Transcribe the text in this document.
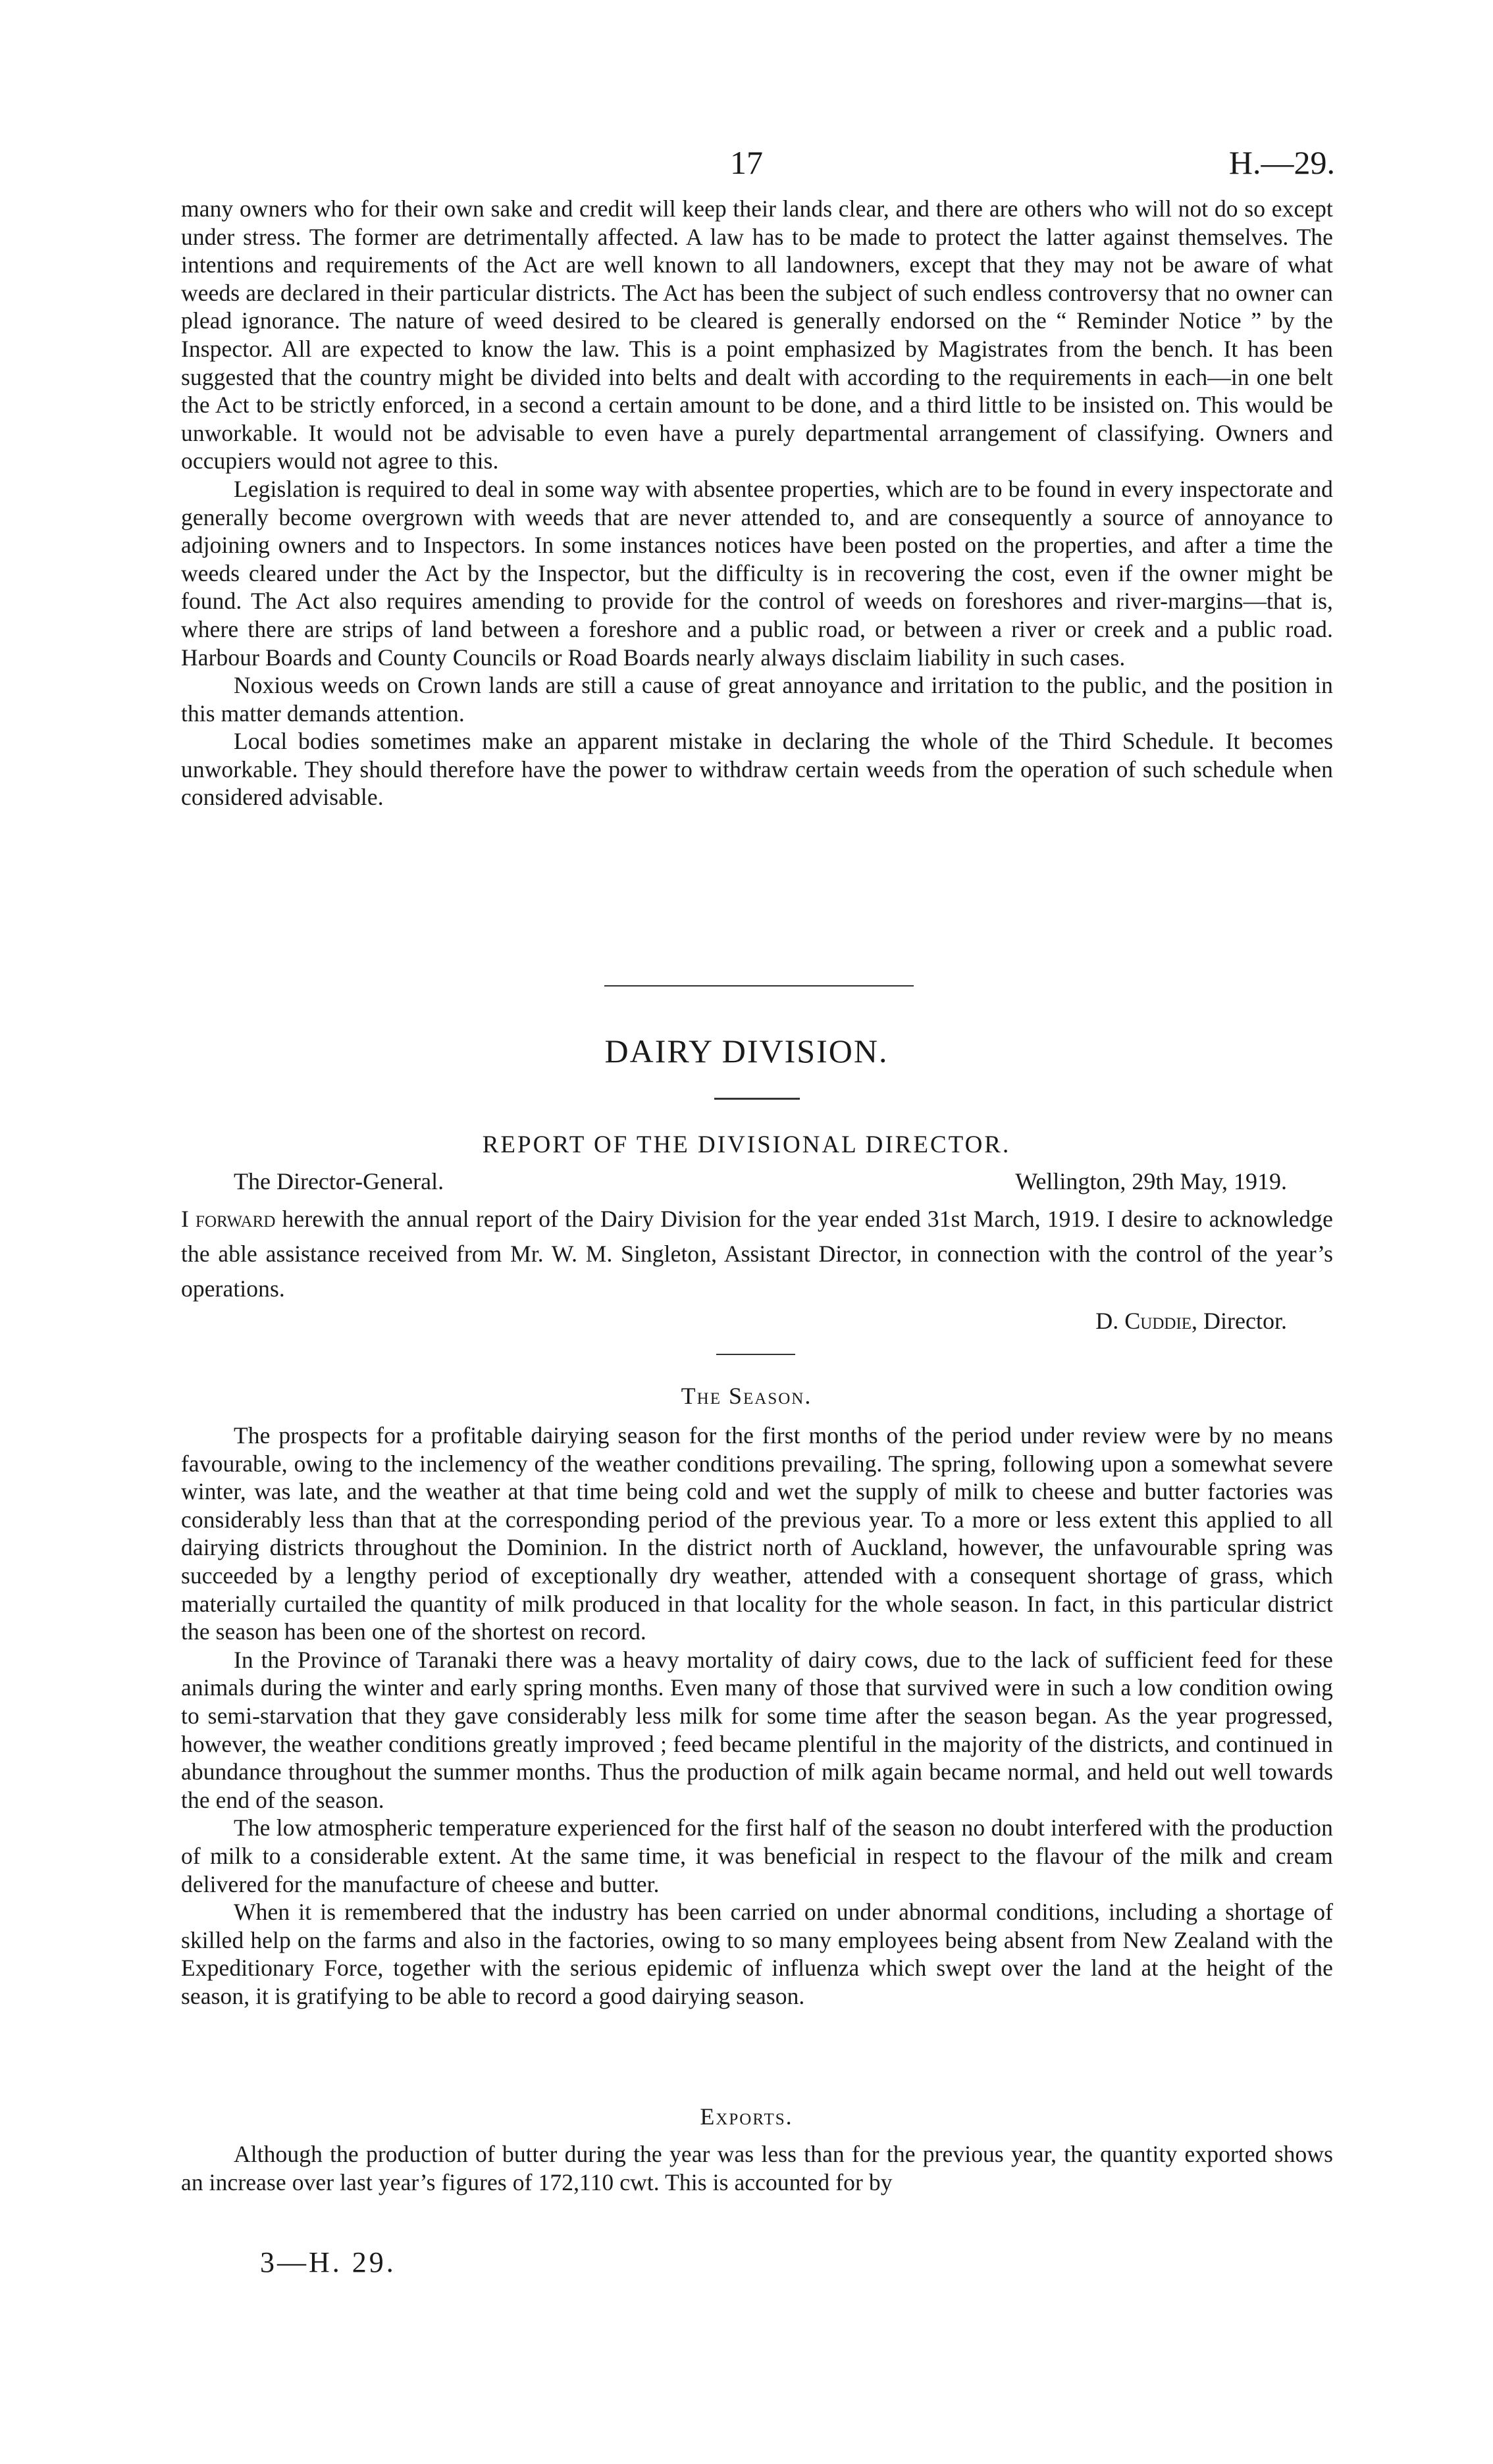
17	H.—29.

many owners who for their own sake and credit will keep their lands clear, and there are others who will not do so except under stress. The former are detrimentally affected. A law has to be made to protect the latter against themselves. The intentions and requirements of the Act are well known to all landowners, except that they may not be aware of what weeds are declared in their particular districts. The Act has been the subject of such endless controversy that no owner can plead ignorance. The nature of weed desired to be cleared is generally endorsed on the “ Reminder Notice ” by the Inspector. All are expected to know the law. This is a point emphasized by Magistrates from the bench. It has been suggested that the country might be divided into belts and dealt with according to the requirements in each—in one belt the Act to be strictly enforced, in a second a certain amount to be done, and a third little to be insisted on. This would be unworkable. It would not be advisable to even have a purely departmental arrangement of classifying. Owners and occupiers would not agree to this.

Legislation is required to deal in some way with absentee properties, which are to be found in every inspectorate and generally become overgrown with weeds that are never attended to, and are consequently a source of annoyance to adjoining owners and to Inspectors. In some instances notices have been posted on the properties, and after a time the weeds cleared under the Act by the Inspector, but the difficulty is in recovering the cost, even if the owner might be found. The Act also requires amending to provide for the control of weeds on foreshores and river-margins—that is, where there are strips of land between a foreshore and a public road, or between a river or creek and a public road. Harbour Boards and County Councils or Road Boards nearly always disclaim liability in such cases.

Noxious weeds on Crown lands are still a cause of great annoyance and irritation to the public, and the position in this matter demands attention.

Local bodies sometimes make an apparent mistake in declaring the whole of the Third Schedule. It becomes unworkable. They should therefore have the power to withdraw certain weeds from the operation of such schedule when considered advisable.

DAIRY DIVISION.
REPORT OF THE DIVISIONAL DIRECTOR.
The Director-General.	Wellington, 29th May, 1919.

I forward herewith the annual report of the Dairy Division for the year ended 31st March, 1919. I desire to acknowledge the able assistance received from Mr. W. M. Singleton, Assistant Director, in connection with the control of the year’s operations.

D. Cuddie, Director.
The Season.

The prospects for a profitable dairying season for the first months of the period under review were by no means favourable, owing to the inclemency of the weather conditions prevailing. The spring, following upon a somewhat severe winter, was late, and the weather at that time being cold and wet the supply of milk to cheese and butter factories was considerably less than that at the corresponding period of the previous year. To a more or less extent this applied to all dairying districts throughout the Dominion. In the district north of Auckland, however, the unfavourable spring was succeeded by a lengthy period of exceptionally dry weather, attended with a consequent shortage of grass, which materially curtailed the quantity of milk produced in that locality for the whole season. In fact, in this particular district the season has been one of the shortest on record.

In the Province of Taranaki there was a heavy mortality of dairy cows, due to the lack of sufficient feed for these animals during the winter and early spring months. Even many of those that survived were in such a low condition owing to semi-starvation that they gave considerably less milk for some time after the season began. As the year progressed, however, the weather conditions greatly improved ; feed became plentiful in the majority of the districts, and continued in abundance throughout the summer months. Thus the production of milk again became normal, and held out well towards the end of the season.

The low atmospheric temperature experienced for the first half of the season no doubt interfered with the production of milk to a considerable extent. At the same time, it was beneficial in respect to the flavour of the milk and cream delivered for the manufacture of cheese and butter.

When it is remembered that the industry has been carried on under abnormal conditions, including a shortage of skilled help on the farms and also in the factories, owing to so many employees being absent from New Zealand with the Expeditionary Force, together with the serious epidemic of influenza which swept over the land at the height of the season, it is gratifying to be able to record a good dairying season.

Exports.

Although the production of butter during the year was less than for the previous year, the quantity exported shows an increase over last year’s figures of 172,110 cwt. This is accounted for by

3—H. 29.
